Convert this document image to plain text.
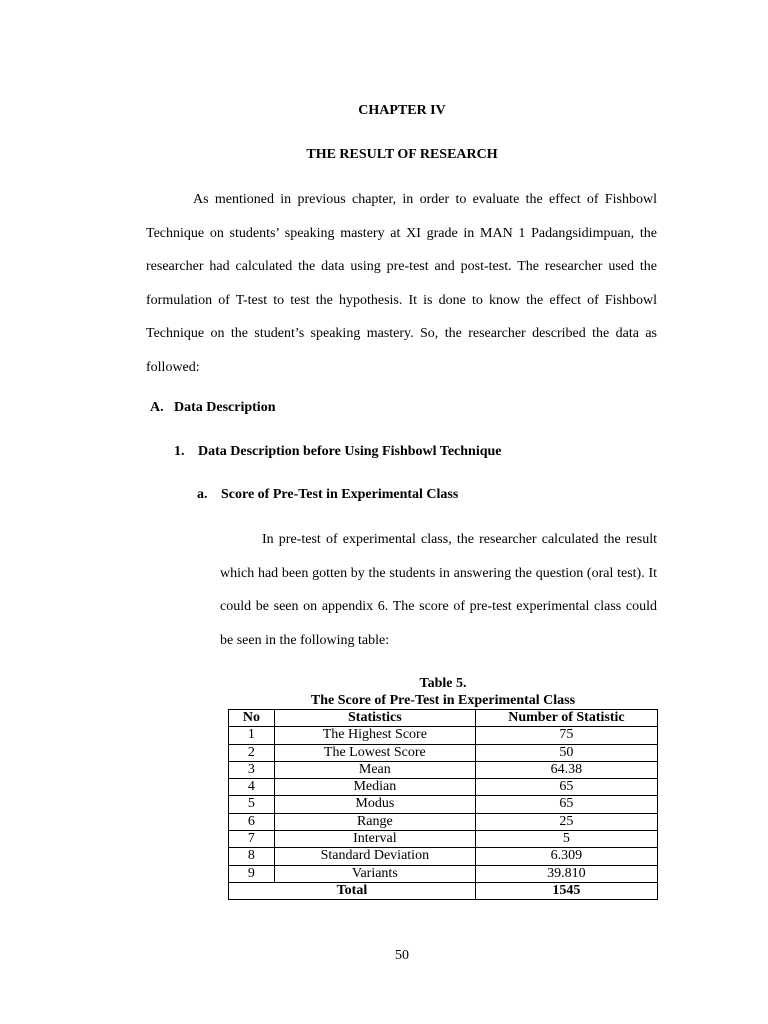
CHAPTER IV
THE RESULT OF RESEARCH

As mentioned in previous chapter, in order to evaluate the effect of Fishbowl Technique on students’ speaking mastery at XI grade in MAN 1 Padangsidimpuan, the researcher had calculated the data using pre-test and post-test. The researcher used the formulation of T-test to test the hypothesis. It is done to know the effect of Fishbowl Technique on the student’s speaking mastery. So, the researcher described the data as followed:

A. Data Description
1. Data Description before Using Fishbowl Technique
a. Score of Pre-Test in Experimental Class

In pre-test of experimental class, the researcher calculated the result which had been gotten by the students in answering the question (oral test). It could be seen on appendix 6. The score of pre-test experimental class could be seen in the following table:

Table 5.
The Score of Pre-Test in Experimental Class
No	Statistics	Number of Statistic
1	The Highest Score	75
2	The Lowest Score	50
3	Mean	64.38
4	Median	65
5	Modus	65
6	Range	25
7	Interval	5
8	Standard Deviation	6.309
9	Variants	39.810
Total		1545
50
